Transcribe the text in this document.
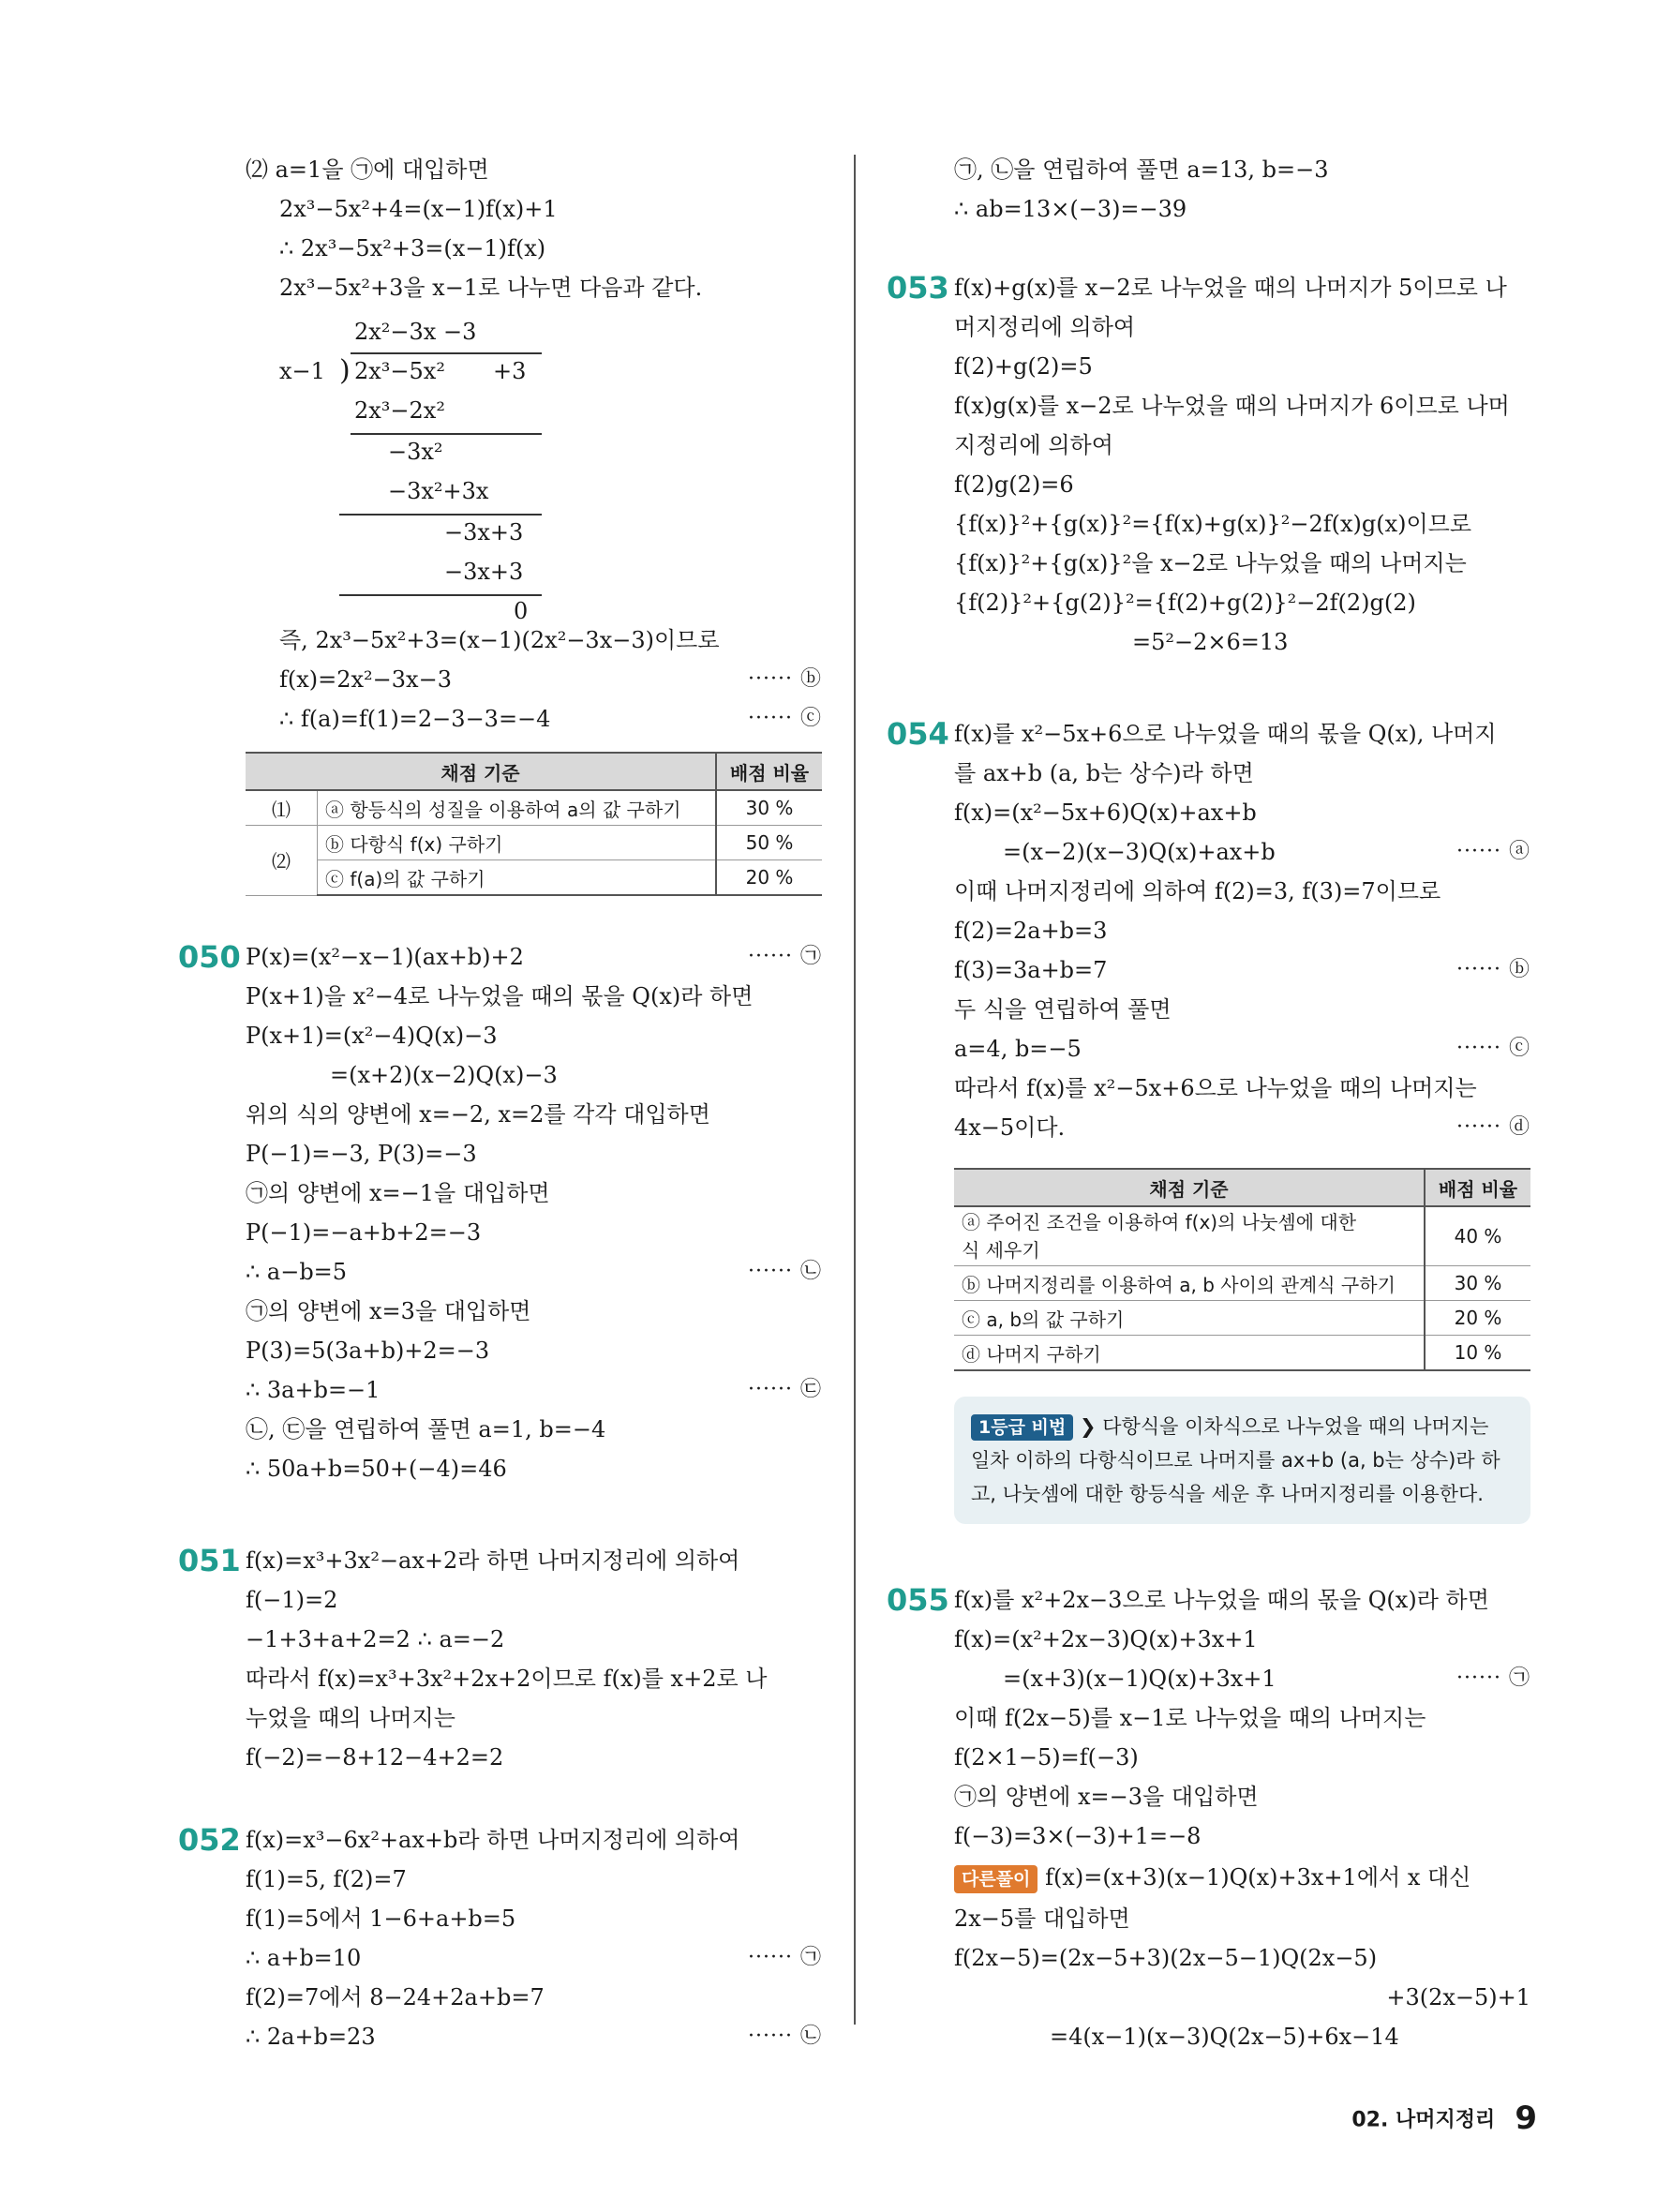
⑵ a=1을 ㉠에 대입하면
2x³−5x²+4=(x−1)f(x)+1
∴ 2x³−5x²+3=(x−1)f(x)
2x³−5x²+3을 x−1로 나누면 다음과 같다.
2x²−3x −3
x−1 ) 2x³−5x² +3
2x³−2x²
−3x²
−3x²+3x
−3x+3
−3x+3
0
즉, 2x³−5x²+3=(x−1)(2x²−3x−3)이므로
f(x)=2x²−3x−3	······ ⓑ
∴ f(a)=f(1)=2−3−3=−4	······ ⓒ
채점 기준		배점 비율
⑴	ⓐ 항등식의 성질을 이용하여 a의 값 구하기	30 %
⑵	ⓑ 다항식 f(x) 구하기	50 %
	ⓒ f(a)의 값 구하기	20 %
050 P(x)=(x²−x−1)(ax+b)+2	······ ㉠
P(x+1)을 x²−4로 나누었을 때의 몫을 Q(x)라 하면
P(x+1)=(x²−4)Q(x)−3
=(x+2)(x−2)Q(x)−3
위의 식의 양변에 x=−2, x=2를 각각 대입하면
P(−1)=−3, P(3)=−3
㉠의 양변에 x=−1을 대입하면
P(−1)=−a+b+2=−3
∴ a−b=5	······ ㉡
㉠의 양변에 x=3을 대입하면
P(3)=5(3a+b)+2=−3
∴ 3a+b=−1	······ ㉢
㉡, ㉢을 연립하여 풀면 a=1, b=−4
∴ 50a+b=50+(−4)=46
051 f(x)=x³+3x²−ax+2라 하면 나머지정리에 의하여
f(−1)=2
−1+3+a+2=2 ∴ a=−2
따라서 f(x)=x³+3x²+2x+2이므로 f(x)를 x+2로 나
누었을 때의 나머지는
f(−2)=−8+12−4+2=2
052 f(x)=x³−6x²+ax+b라 하면 나머지정리에 의하여
f(1)=5, f(2)=7
f(1)=5에서 1−6+a+b=5
∴ a+b=10	······ ㉠
f(2)=7에서 8−24+2a+b=7
∴ 2a+b=23	······ ㉡
㉠, ㉡을 연립하여 풀면 a=13, b=−3
∴ ab=13×(−3)=−39
053 f(x)+g(x)를 x−2로 나누었을 때의 나머지가 5이므로 나
머지정리에 의하여
f(2)+g(2)=5
f(x)g(x)를 x−2로 나누었을 때의 나머지가 6이므로 나머
지정리에 의하여
f(2)g(2)=6
{f(x)}²+{g(x)}²={f(x)+g(x)}²−2f(x)g(x)이므로
{f(x)}²+{g(x)}²을 x−2로 나누었을 때의 나머지는
{f(2)}²+{g(2)}²={f(2)+g(2)}²−2f(2)g(2)
=5²−2×6=13
054 f(x)를 x²−5x+6으로 나누었을 때의 몫을 Q(x), 나머지
를 ax+b (a, b는 상수)라 하면
f(x)=(x²−5x+6)Q(x)+ax+b
=(x−2)(x−3)Q(x)+ax+b	······ ⓐ
이때 나머지정리에 의하여 f(2)=3, f(3)=7이므로
f(2)=2a+b=3
f(3)=3a+b=7	······ ⓑ
두 식을 연립하여 풀면
a=4, b=−5	······ ⓒ
따라서 f(x)를 x²−5x+6으로 나누었을 때의 나머지는
4x−5이다.	······ ⓓ
채점 기준	배점 비율
ⓐ 주어진 조건을 이용하여 f(x)의 나눗셈에 대한 식 세우기	40 %
ⓑ 나머지정리를 이용하여 a, b 사이의 관계식 구하기	30 %
ⓒ a, b의 값 구하기	20 %
ⓓ 나머지 구하기	10 %
1등급 비법 ❯ 다항식을 이차식으로 나누었을 때의 나머지는 일차 이하의 다항식이므로 나머지를 ax+b (a, b는 상수)라 하고, 나눗셈에 대한 항등식을 세운 후 나머지정리를 이용한다.
055 f(x)를 x²+2x−3으로 나누었을 때의 몫을 Q(x)라 하면
f(x)=(x²+2x−3)Q(x)+3x+1
=(x+3)(x−1)Q(x)+3x+1	······ ㉠
이때 f(2x−5)를 x−1로 나누었을 때의 나머지는
f(2×1−5)=f(−3)
㉠의 양변에 x=−3을 대입하면
f(−3)=3×(−3)+1=−8
다른풀이 f(x)=(x+3)(x−1)Q(x)+3x+1에서 x 대신
2x−5를 대입하면
f(2x−5)=(2x−5+3)(2x−5−1)Q(2x−5)
+3(2x−5)+1
=4(x−1)(x−3)Q(2x−5)+6x−14
02. 나머지정리 9
